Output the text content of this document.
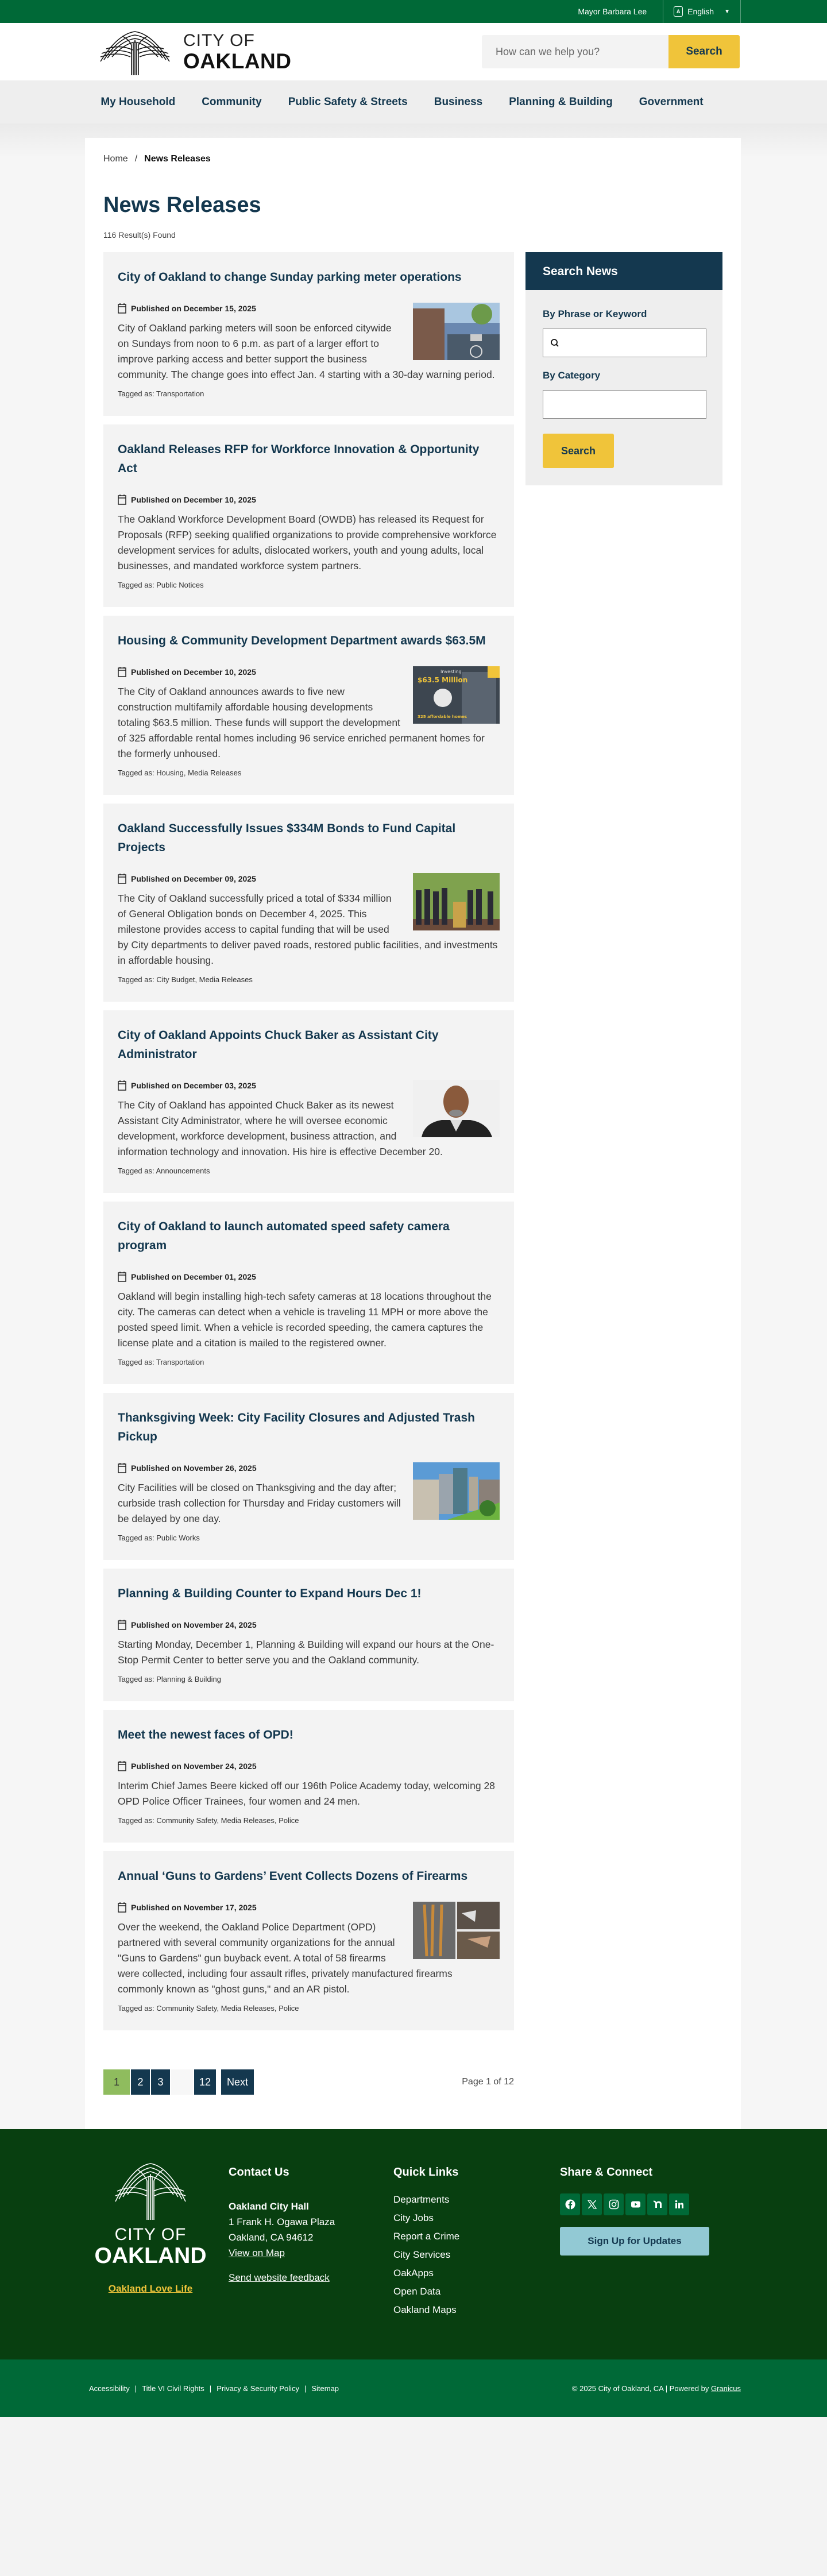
Mayor Barbara Lee	A English ▼
CITY OF
OAKLAND
How can we help you?	Search
My Household Community Public Safety & Streets Business Planning & Building Government
Home / News Releases
News Releases
116 Result(s) Found
City of Oakland to change Sunday parking meter operations
Published on December 15, 2025

City of Oakland parking meters will soon be enforced citywide on Sundays from noon to 6 p.m. as part of a larger effort to improve parking access and better support the business community. The change goes into effect Jan. 4 starting with a 30-day warning period.

Tagged as: Transportation
Oakland Releases RFP for Workforce Innovation & Opportunity Act
Published on December 10, 2025

The Oakland Workforce Development Board (OWDB) has released its Request for Proposals (RFP) seeking qualified organizations to provide comprehensive workforce development services for adults, dislocated workers, youth and young adults, local businesses, and mandated workforce system partners.

Tagged as: Public Notices
Housing & Community Development Department awards $63.5M
Investing
$63.5 Million
325 affordable homes
Published on December 10, 2025

The City of Oakland announces awards to five new construction multifamily affordable housing developments totaling $63.5 million. These funds will support the development of 325 affordable rental homes including 96 service enriched permanent homes for the formerly unhoused.

Tagged as: Housing, Media Releases
Oakland Successfully Issues $334M Bonds to Fund Capital Projects
Published on December 09, 2025

The City of Oakland successfully priced a total of $334 million of General Obligation bonds on December 4, 2025. This milestone provides access to capital funding that will be used by City departments to deliver paved roads, restored public facilities, and investments in affordable housing.

Tagged as: City Budget, Media Releases
City of Oakland Appoints Chuck Baker as Assistant City Administrator
Published on December 03, 2025

The City of Oakland has appointed Chuck Baker as its newest Assistant City Administrator, where he will oversee economic development, workforce development, business attraction, and information technology and innovation. His hire is effective December 20.

Tagged as: Announcements
City of Oakland to launch automated speed safety camera program
Published on December 01, 2025

Oakland will begin installing high-tech safety cameras at 18 locations throughout the city. The cameras can detect when a vehicle is traveling 11 MPH or more above the posted speed limit. When a vehicle is recorded speeding, the camera captures the license plate and a citation is mailed to the registered owner.

Tagged as: Transportation
Thanksgiving Week: City Facility Closures and Adjusted Trash Pickup
Published on November 26, 2025

City Facilities will be closed on Thanksgiving and the day after; curbside trash collection for Thursday and Friday customers will be delayed by one day.

Tagged as: Public Works
Planning & Building Counter to Expand Hours Dec 1!
Published on November 24, 2025

Starting Monday, December 1, Planning & Building will expand our hours at the One-Stop Permit Center to better serve you and the Oakland community.

Tagged as: Planning & Building
Meet the newest faces of OPD!
Published on November 24, 2025

Interim Chief James Beere kicked off our 196th Police Academy today, welcoming 28 OPD Police Officer Trainees, four women and 24 men.

Tagged as: Community Safety, Media Releases, Police
Annual ‘Guns to Gardens’ Event Collects Dozens of Firearms
Published on November 17, 2025

Over the weekend, the Oakland Police Department (OPD) partnered with several community organizations for the annual "Guns to Gardens" gun buyback event. A total of 58 firearms were collected, including four assault rifles, privately manufactured firearms commonly known as "ghost guns," and an AR pistol.

Tagged as: Community Safety, Media Releases, Police
1	2	3	12	Next	Page 1 of 12
Search News
By Phrase or Keyword
By Category
Search
CITY OF
OAKLAND
Oakland Love Life
Contact Us
Oakland City Hall
1 Frank H. Ogawa Plaza
Oakland, CA 94612
View on Map
Send website feedback
Quick Links
Departments
City Jobs
Report a Crime
City Services
OakApps
Open Data
Oakland Maps
Share & Connect
Sign Up for Updates
Accessibility | Title VI Civil Rights | Privacy & Security Policy | Sitemap	© 2025 City of Oakland, CA | Powered by Granicus
